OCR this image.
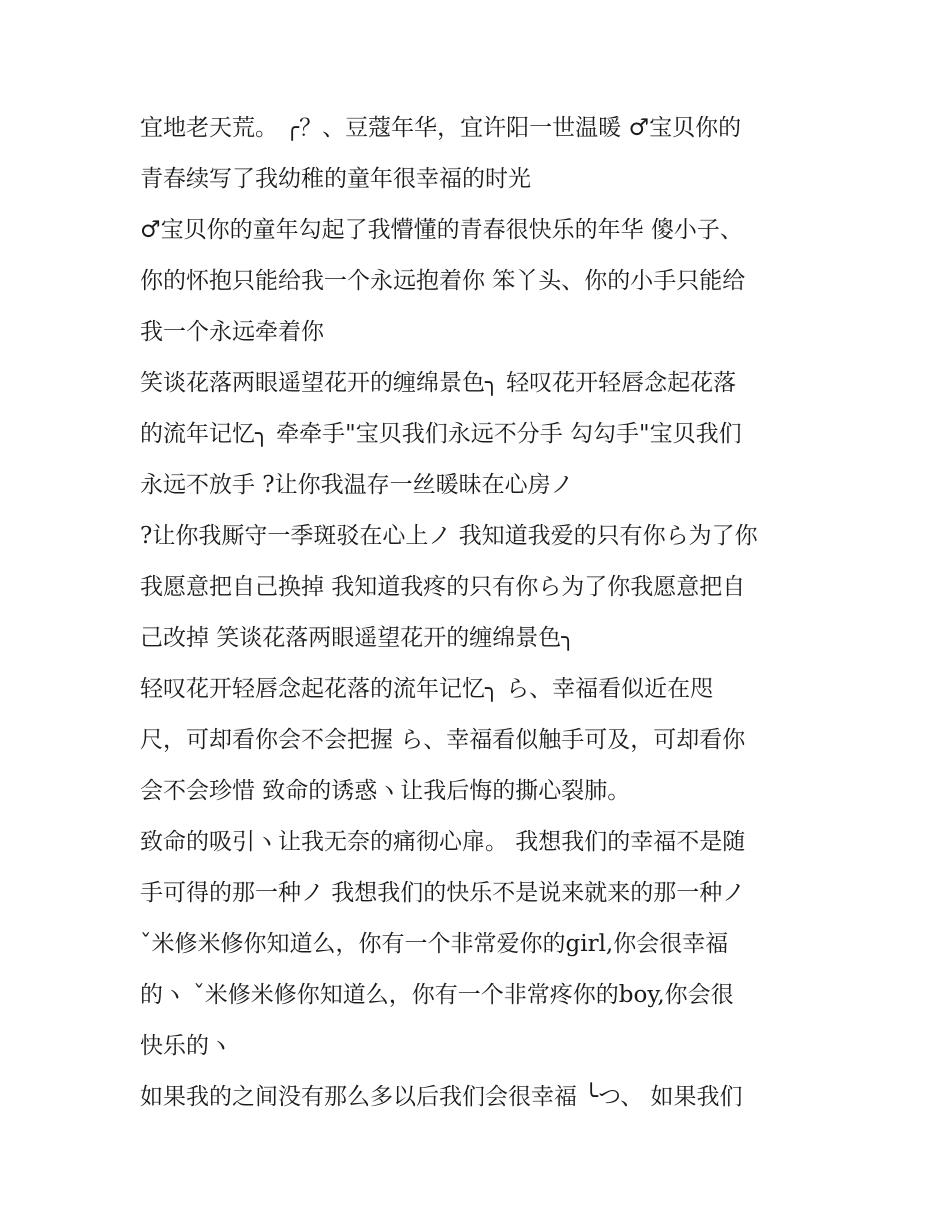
宜地老天荒。 ╭？、豆蔻年华，宜许阳一世温暖 ♂宝贝你的
青春续写了我幼稚的童年很幸福的时光
♂宝贝你的童年勾起了我懵懂的青春很快乐的年华 傻小子、
你的怀抱只能给我一个永远抱着你 笨丫头、你的小手只能给
我一个永远牵着你
笑谈花落两眼遥望花开的缠绵景色╮ 轻叹花开轻唇念起花落
的流年记忆╮ 牵牵手"宝贝我们永远不分手 勾勾手"宝贝我们
永远不放手 ?让你我温存一丝暖昧在心房ノ
?让你我厮守一季斑驳在心上ノ 我知道我爱的只有你ら为了你
我愿意把自己换掉 我知道我疼的只有你ら为了你我愿意把自
己改掉 笑谈花落两眼遥望花开的缠绵景色╮
轻叹花开轻唇念起花落的流年记忆╮ ら、幸福看似近在咫
尺，可却看你会不会把握 ら、幸福看似触手可及，可却看你
会不会珍惜 致命的诱惑ヽ让我后悔的撕心裂肺。
致命的吸引ヽ让我无奈的痛彻心扉。 我想我们的幸福不是随
手可得的那一种ノ 我想我们的快乐不是说来就来的那一种ノ
ˇ米修米修你知道么，你有一个非常爱你的girl,你会很幸福
的ヽ ˇ米修米修你知道么，你有一个非常疼你的boy,你会很
快乐的ヽ
如果我的之间没有那么多以后我们会很幸福 ╰つ、 如果我们
